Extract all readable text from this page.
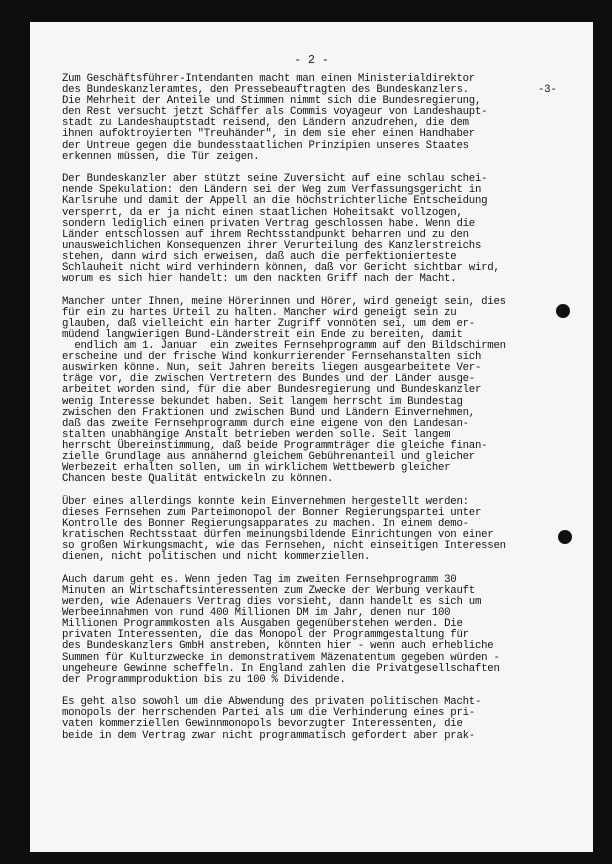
- 2 -
Zum Geschäftsführer-Intendanten macht man einen Ministerialdirektor
des Bundeskanzleramtes, den Pressebeauftragten des Bundeskanzlers.
Die Mehrheit der Anteile und Stimmen nimmt sich die Bundesregierung,
den Rest versucht jetzt Schäffer als Commis voyageur von Landeshaupt-
stadt zu Landeshauptstadt reisend, den Ländern anzudrehen, die dem
ihnen aufoktroyierten "Treuhänder", in dem sie eher einen Handhaber
der Untreue gegen die bundesstaatlichen Prinzipien unseres Staates
erkennen müssen, die Tür zeigen.
Der Bundeskanzler aber stützt seine Zuversicht auf eine schlau schei-
nende Spekulation: den Ländern sei der Weg zum Verfassungsgericht in
Karlsruhe und damit der Appell an die höchstrichterliche Entscheidung
versperrt, da er ja nicht einen staatlichen Hoheitsakt vollzogen,
sondern lediglich einen privaten Vertrag geschlossen habe. Wenn die
Länder entschlossen auf ihrem Rechtsstandpunkt beharren und zu den
unausweichlichen Konsequenzen ihrer Verurteilung des Kanzlerstreichs
stehen, dann wird sich erweisen, daß auch die perfektionierteste
Schlauheit nicht wird verhindern können, daß vor Gericht sichtbar wird,
worum es sich hier handelt: um den nackten Griff nach der Macht.
Mancher unter Ihnen, meine Hörerinnen und Hörer, wird geneigt sein, dies
für ein zu hartes Urteil zu halten. Mancher wird geneigt sein zu
glauben, daß vielleicht ein harter Zugriff vonnöten sei, um dem er-
müdend langwierigen Bund-Länderstreit ein Ende zu bereiten, damit
endlich am 1. Januar  ein zweites Fernsehprogramm auf den Bildschirmen
erscheine und der frische Wind konkurrierender Fernsehanstalten sich
auswirken könne. Nun, seit Jahren bereits liegen ausgearbeitete Ver-
träge vor, die zwischen Vertretern des Bundes und der Länder ausge-
arbeitet worden sind, für die aber Bundesregierung und Bundeskanzler
wenig Interesse bekundet haben. Seit langem herrscht im Bundestag
zwischen den Fraktionen und zwischen Bund und Ländern Einvernehmen,
daß das zweite Fernsehprogramm durch eine eigene von den Landesan-
stalten unabhängige Anstalt betrieben werden solle. Seit langem
herrscht Übereinstimmung, daß beide Programmträger die gleiche finan-
zielle Grundlage aus annähernd gleichem Gebührenanteil und gleicher
Werbezeit erhalten sollen, um in wirklichem Wettbewerb gleicher
Chancen beste Qualität entwickeln zu können.
Über eines allerdings konnte kein Einvernehmen hergestellt werden:
dieses Fernsehen zum Parteimonopol der Bonner Regierungspartei unter
Kontrolle des Bonner Regierungsapparates zu machen. In einem demo-
kratischen Rechtsstaat dürfen meinungsbildende Einrichtungen von einer
so großen Wirkungsmacht, wie das Fernsehen, nicht einseitigen Interessen
dienen, nicht politischen und nicht kommerziellen.
Auch darum geht es. Wenn jeden Tag im zweiten Fernsehprogramm 30
Minuten an Wirtschaftsinteressenten zum Zwecke der Werbung verkauft
werden, wie Adenauers Vertrag dies vorsieht, dann handelt es sich um
Werbeeinnahmen von rund 400 Millionen DM im Jahr, denen nur 100
Millionen Programmkosten als Ausgaben gegenüberstehen werden. Die
privaten Interessenten, die das Monopol der Programmgestaltung für
des Bundeskanzlers GmbH anstreben, könnten hier - wenn auch erhebliche
Summen für Kulturzwecke in demonstrativem Mäzenatentum gegeben würden -
ungeheure Gewinne scheffeln. In England zahlen die Privatgesellschaften
der Programmproduktion bis zu 100 % Dividende.
Es geht also sowohl um die Abwendung des privaten politischen Macht-
monopols der herrschenden Partei als um die Verhinderung eines pri-
vaten kommerziellen Gewinnmonopols bevorzugter Interessenten, die
beide in dem Vertrag zwar nicht programmatisch gefordert aber prak-
-3-
